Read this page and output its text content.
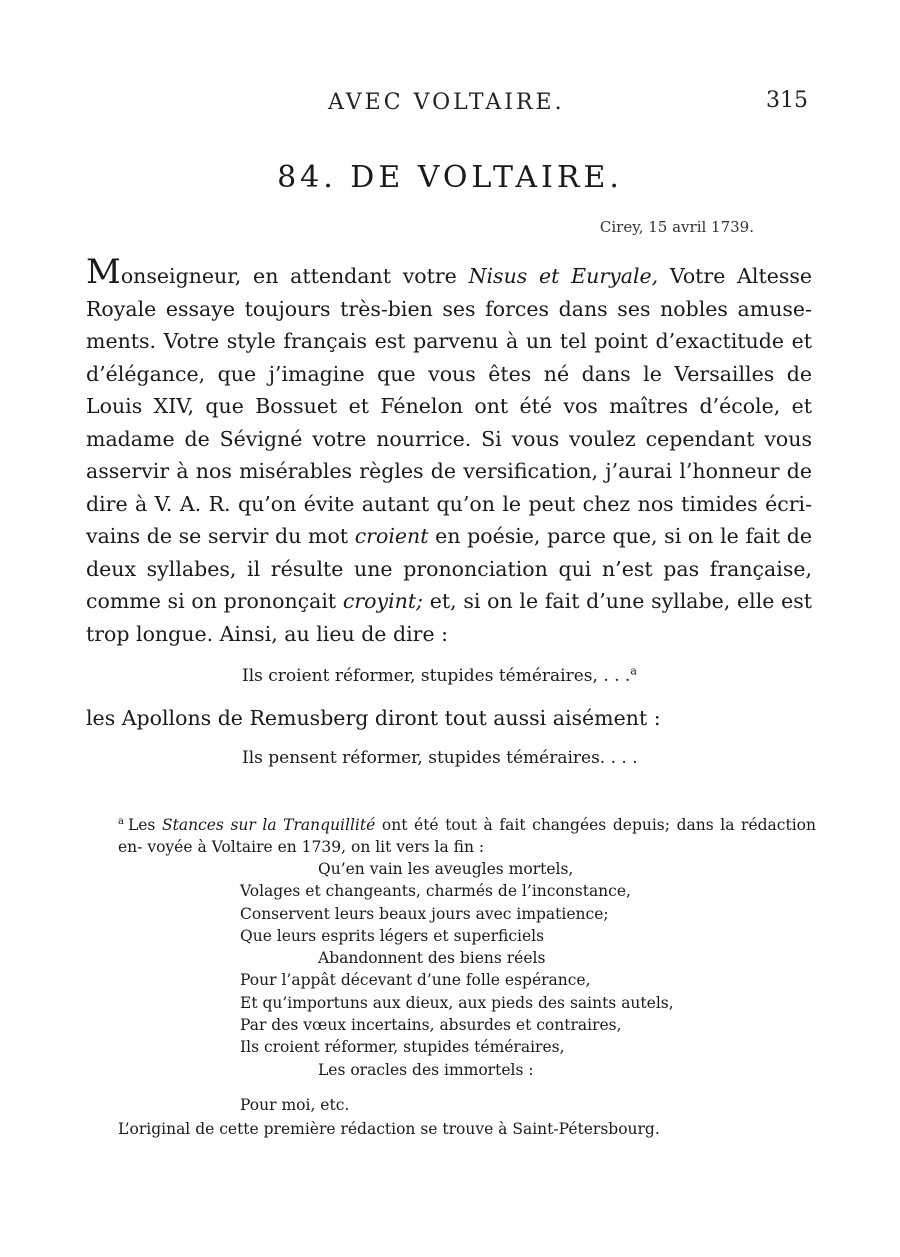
AVEC VOLTAIRE.	315
84. DE VOLTAIRE.
Cirey, 15 avril 1739.

Monseigneur, en attendant votre Nisus et Euryale, Votre Altesse Royale essaye toujours très-bien ses forces dans ses nobles amuse- ments. Votre style français est parvenu à un tel point d’exactitude et d’élégance, que j’imagine que vous êtes né dans le Versailles de Louis XIV, que Bossuet et Fénelon ont été vos maîtres d’école, et madame de Sévigné votre nourrice. Si vous voulez cependant vous asservir à nos misérables règles de versification, j’aurai l’honneur de dire à V. A. R. qu’on évite autant qu’on le peut chez nos timides écri- vains de se servir du mot croient en poésie, parce que, si on le fait de deux syllabes, il résulte une prononciation qui n’est pas française, comme si on prononçait croyint; et, si on le fait d’une syllabe, elle est trop longue. Ainsi, au lieu de dire :

Ils croient réformer, stupides téméraires, . . .$^a$
les Apollons de Remusberg diront tout aussi aisément :
Ils pensent réformer, stupides téméraires. . . .

$^a$ Les Stances sur la Tranquillité ont été tout à fait changées depuis; dans la rédaction en- voyée à Voltaire en 1739, on lit vers la fin :

Qu’en vain les aveugles mortels,
Volages et changeants, charmés de l’inconstance,
Conservent leurs beaux jours avec impatience;
Que leurs esprits légers et superficiels
Abandonnent des biens réels
Pour l’appât décevant d’une folle espérance,
Et qu’importuns aux dieux, aux pieds des saints autels,
Par des vœux incertains, absurdes et contraires,
Ils croient réformer, stupides téméraires,
Les oracles des immortels :
Pour moi, etc.
L’original de cette première rédaction se trouve à Saint-Pétersbourg.
